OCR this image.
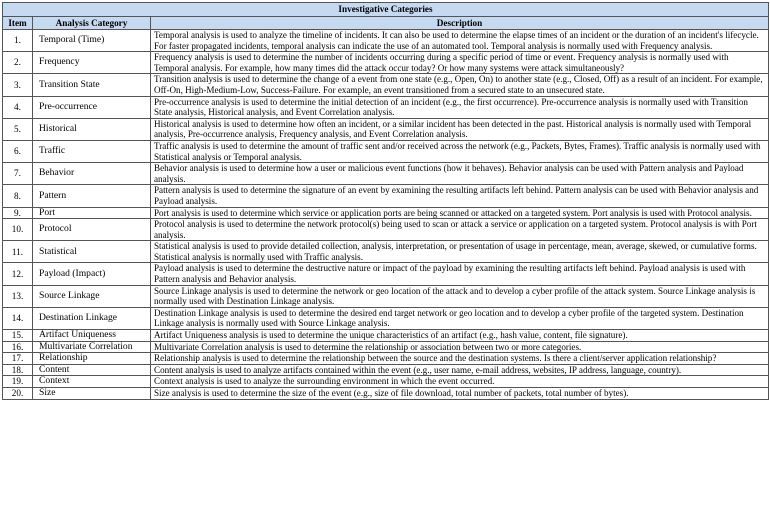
Investigative Categories		
Item	Analysis Category	Description
1.	Temporal (Time)	Temporal analysis is used to analyze the timeline of incidents. It can also be used to determine the elapse times of an incident or the duration of an incident's lifecycle. For faster propagated incidents, temporal analysis can indicate the use of an automated tool. Temporal analysis is normally used with Frequency analysis.
2.	Frequency	Frequency analysis is used to determine the number of incidents occurring during a specific period of time or event. Frequency analysis is normally used with Temporal analysis. For example, how many times did the attack occur today? Or how many systems were attack simultaneously?
3.	Transition State	Transition analysis is used to determine the change of a event from one state (e.g., Open, On) to another state (e.g., Closed, Off) as a result of an incident. For example, Off-On, High-Medium-Low, Success-Failure. For example, an event transitioned from a secured state to an unsecured state.
4.	Pre-occurrence	Pre-occurrence analysis is used to determine the initial detection of an incident (e.g., the first occurrence). Pre-occurrence analysis is normally used with Transition State analysis, Historical analysis, and Event Correlation analysis.
5.	Historical	Historical analysis is used to determine how often an incident, or a similar incident has been detected in the past. Historical analysis is normally used with Temporal analysis, Pre-occurrence analysis, Frequency analysis, and Event Correlation analysis.
6.	Traffic	Traffic analysis is used to determine the amount of traffic sent and/or received across the network (e.g., Packets, Bytes, Frames). Traffic analysis is normally used with Statistical analysis or Temporal analysis.
7.	Behavior	Behavior analysis is used to determine how a user or malicious event functions (how it behaves). Behavior analysis can be used with Pattern analysis and Payload analysis.
8.	Pattern	Pattern analysis is used to determine the signature of an event by examining the resulting artifacts left behind. Pattern analysis can be used with Behavior analysis and Payload analysis.
9.	Port	Port analysis is used to determine which service or application ports are being scanned or attacked on a targeted system. Port analysis is used with Protocol analysis.
10.	Protocol	Protocol analysis is used to determine the network protocol(s) being used to scan or attack a service or application on a targeted system. Protocol analysis is with Port analysis.
11.	Statistical	Statistical analysis is used to provide detailed collection, analysis, interpretation, or presentation of usage in percentage, mean, average, skewed, or cumulative forms. Statistical analysis is normally used with Traffic analysis.
12.	Payload (Impact)	Payload analysis is used to determine the destructive nature or impact of the payload by examining the resulting artifacts left behind. Payload analysis is used with Pattern analysis and Behavior analysis.
13.	Source Linkage	Source Linkage analysis is used to determine the network or geo location of the attack and to develop a cyber profile of the attack system. Source Linkage analysis is normally used with Destination Linkage analysis.
14.	Destination Linkage	Destination Linkage analysis is used to determine the desired end target network or geo location and to develop a cyber profile of the targeted system. Destination Linkage analysis is normally used with Source Linkage analysis.
15.	Artifact Uniqueness	Artifact Uniqueness analysis is used to determine the unique characteristics of an artifact (e.g., hash value, content, file signature).
16.	Multivariate Correlation	Multivariate Correlation analysis is used to determine the relationship or association between two or more categories.
17.	Relationship	Relationship analysis is used to determine the relationship between the source and the destination systems. Is there a client/server application relationship?
18.	Content	Content analysis is used to analyze artifacts contained within the event (e.g., user name, e-mail address, websites, IP address, language, country).
19.	Context	Context analysis is used to analyze the surrounding environment in which the event occurred.
20.	Size	Size analysis is used to determine the size of the event (e.g., size of file download, total number of packets, total number of bytes).
